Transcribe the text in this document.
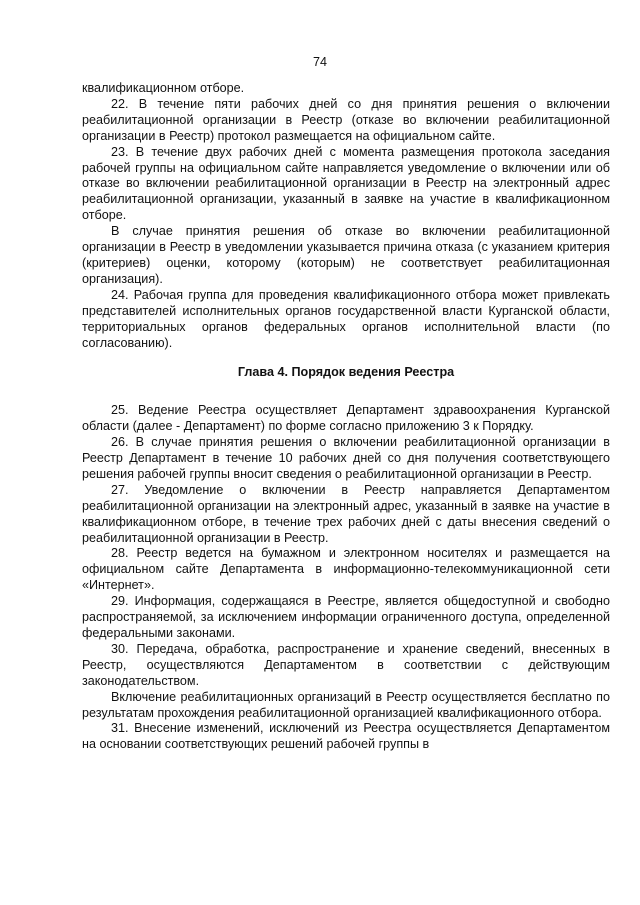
74

квалификационном отборе.

22. В течение пяти рабочих дней со дня принятия решения о включении реабилитационной организации в Реестр (отказе во включении реабилитационной организации в Реестр) протокол размещается на официальном сайте.

23. В течение двух рабочих дней с момента размещения протокола заседания рабочей группы на официальном сайте направляется уведомление о включении или об отказе во включении реабилитационной организации в Реестр на электронный адрес реабилитационной организации, указанный в заявке на участие в квалификационном отборе.

В случае принятия решения об отказе во включении реабилитационной организации в Реестр в уведомлении указывается причина отказа (с указанием критерия (критериев) оценки, которому (которым) не соответствует реабилитационная организация).

24. Рабочая группа для проведения квалификационного отбора может привлекать представителей исполнительных органов государственной власти Курганской области, территориальных органов федеральных органов исполнительной власти (по согласованию).

Глава 4. Порядок ведения Реестра

25. Ведение Реестра осуществляет Департамент здравоохранения Курганской области (далее - Департамент) по форме согласно приложению 3 к Порядку.

26. В случае принятия решения о включении реабилитационной организации в Реестр Департамент в течение 10 рабочих дней со дня получения соответствующего решения рабочей группы вносит сведения о реабилитационной организации в Реестр.

27. Уведомление о включении в Реестр направляется Департаментом реабилитационной организации на электронный адрес, указанный в заявке на участие в квалификационном отборе, в течение трех рабочих дней с даты внесения сведений о реабилитационной организации в Реестр.

28. Реестр ведется на бумажном и электронном носителях и размещается на официальном сайте Департамента в информационно-телекоммуникационной сети «Интернет».

29. Информация, содержащаяся в Реестре, является общедоступной и свободно распространяемой, за исключением информации ограниченного доступа, определенной федеральными законами.

30. Передача, обработка, распространение и хранение сведений, внесенных в Реестр, осуществляются Департаментом в соответствии с действующим законодательством.

Включение реабилитационных организаций в Реестр осуществляется бесплатно по результатам прохождения реабилитационной организацией квалификационного отбора.

31. Внесение изменений, исключений из Реестра осуществляется Департаментом на основании соответствующих решений рабочей группы в
